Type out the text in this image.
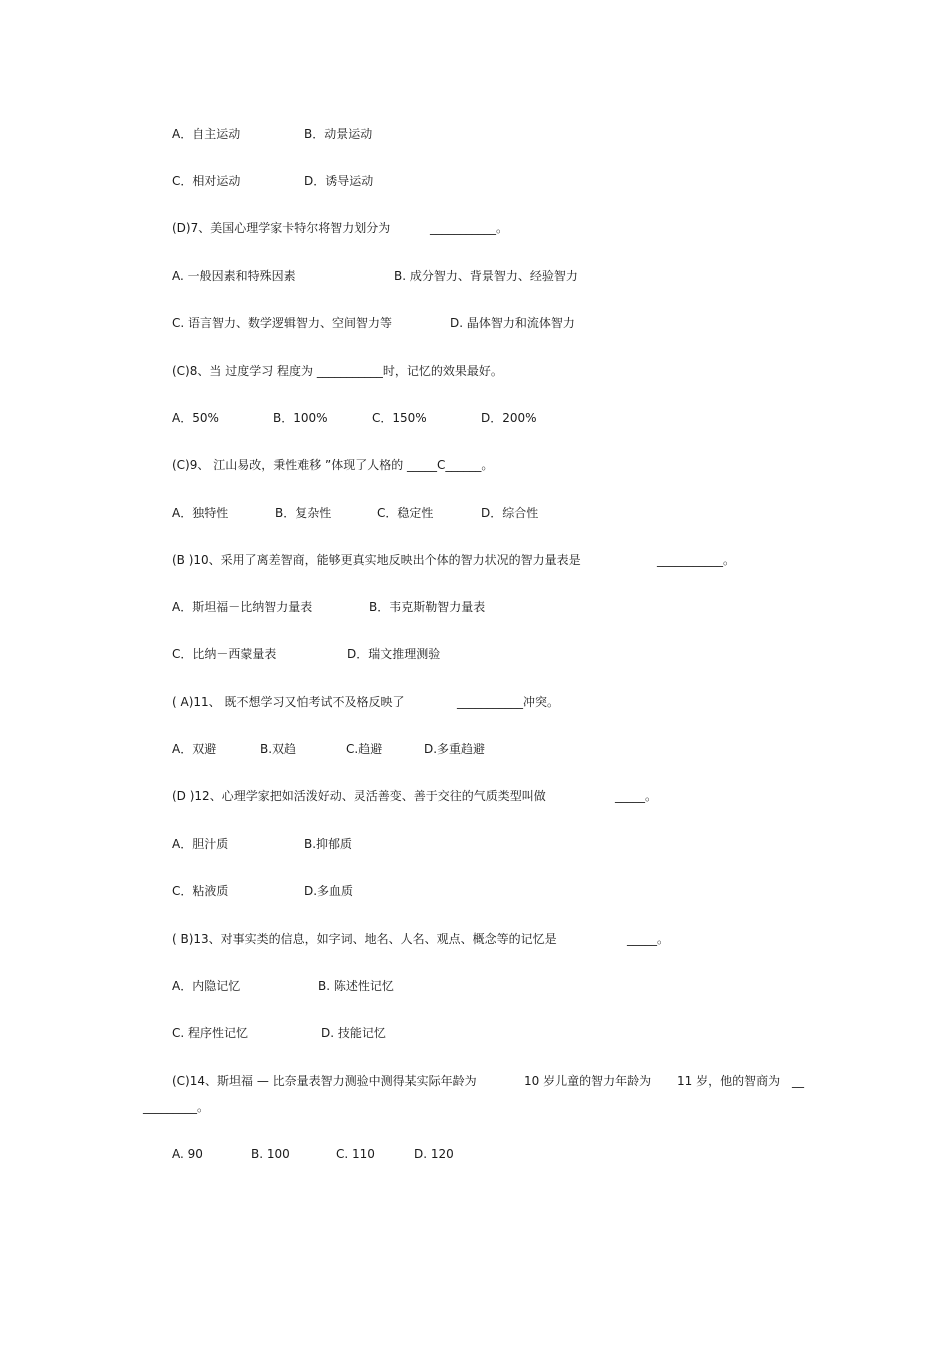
A．自主运动	B．动景运动
C．相对运动	D．诱导运动
(D)7、美国心理学家卡特尔将智力划分为	___________。
A. 一般因素和特殊因素	B. 成分智力、背景智力、经验智力
C. 语言智力、数学逻辑智力、空间智力等	D. 晶体智力和流体智力
(C)8、当 过度学习 程度为 ___________时，记忆的效果最好。
A．50%	B．100%	C．150%	D．200%
(C)9、 江山易改，秉性难移 ”体现了人格的 _____C______。
A．独特性	B．复杂性	C．稳定性	D．综合性
(B )10、采用了离差智商，能够更真实地反映出个体的智力状况的智力量表是	___________。
A．斯坦福－比纳智力量表	B．韦克斯勒智力量表
C．比纳－西蒙量表	D．瑞文推理测验
( A)11、 既不想学习又怕考试不及格反映了	___________冲突。
A．双避	B.双趋	C.趋避	D.多重趋避
(D )12、心理学家把如活泼好动、灵活善变、善于交往的气质类型叫做	_____。
A．胆汁质	B.抑郁质
C．粘液质	D.多血质
( B)13、对事实类的信息，如字词、地名、人名、观点、概念等的记忆是	_____。
A．内隐记忆	B. 陈述性记忆
C. 程序性记忆	D. 技能记忆
(C)14、斯坦福 — 比奈量表智力测验中测得某实际年龄为	10 岁儿童的智力年龄为 11 岁，他的智商为 __
_________。
A. 90	B. 100	C. 110	D. 120
